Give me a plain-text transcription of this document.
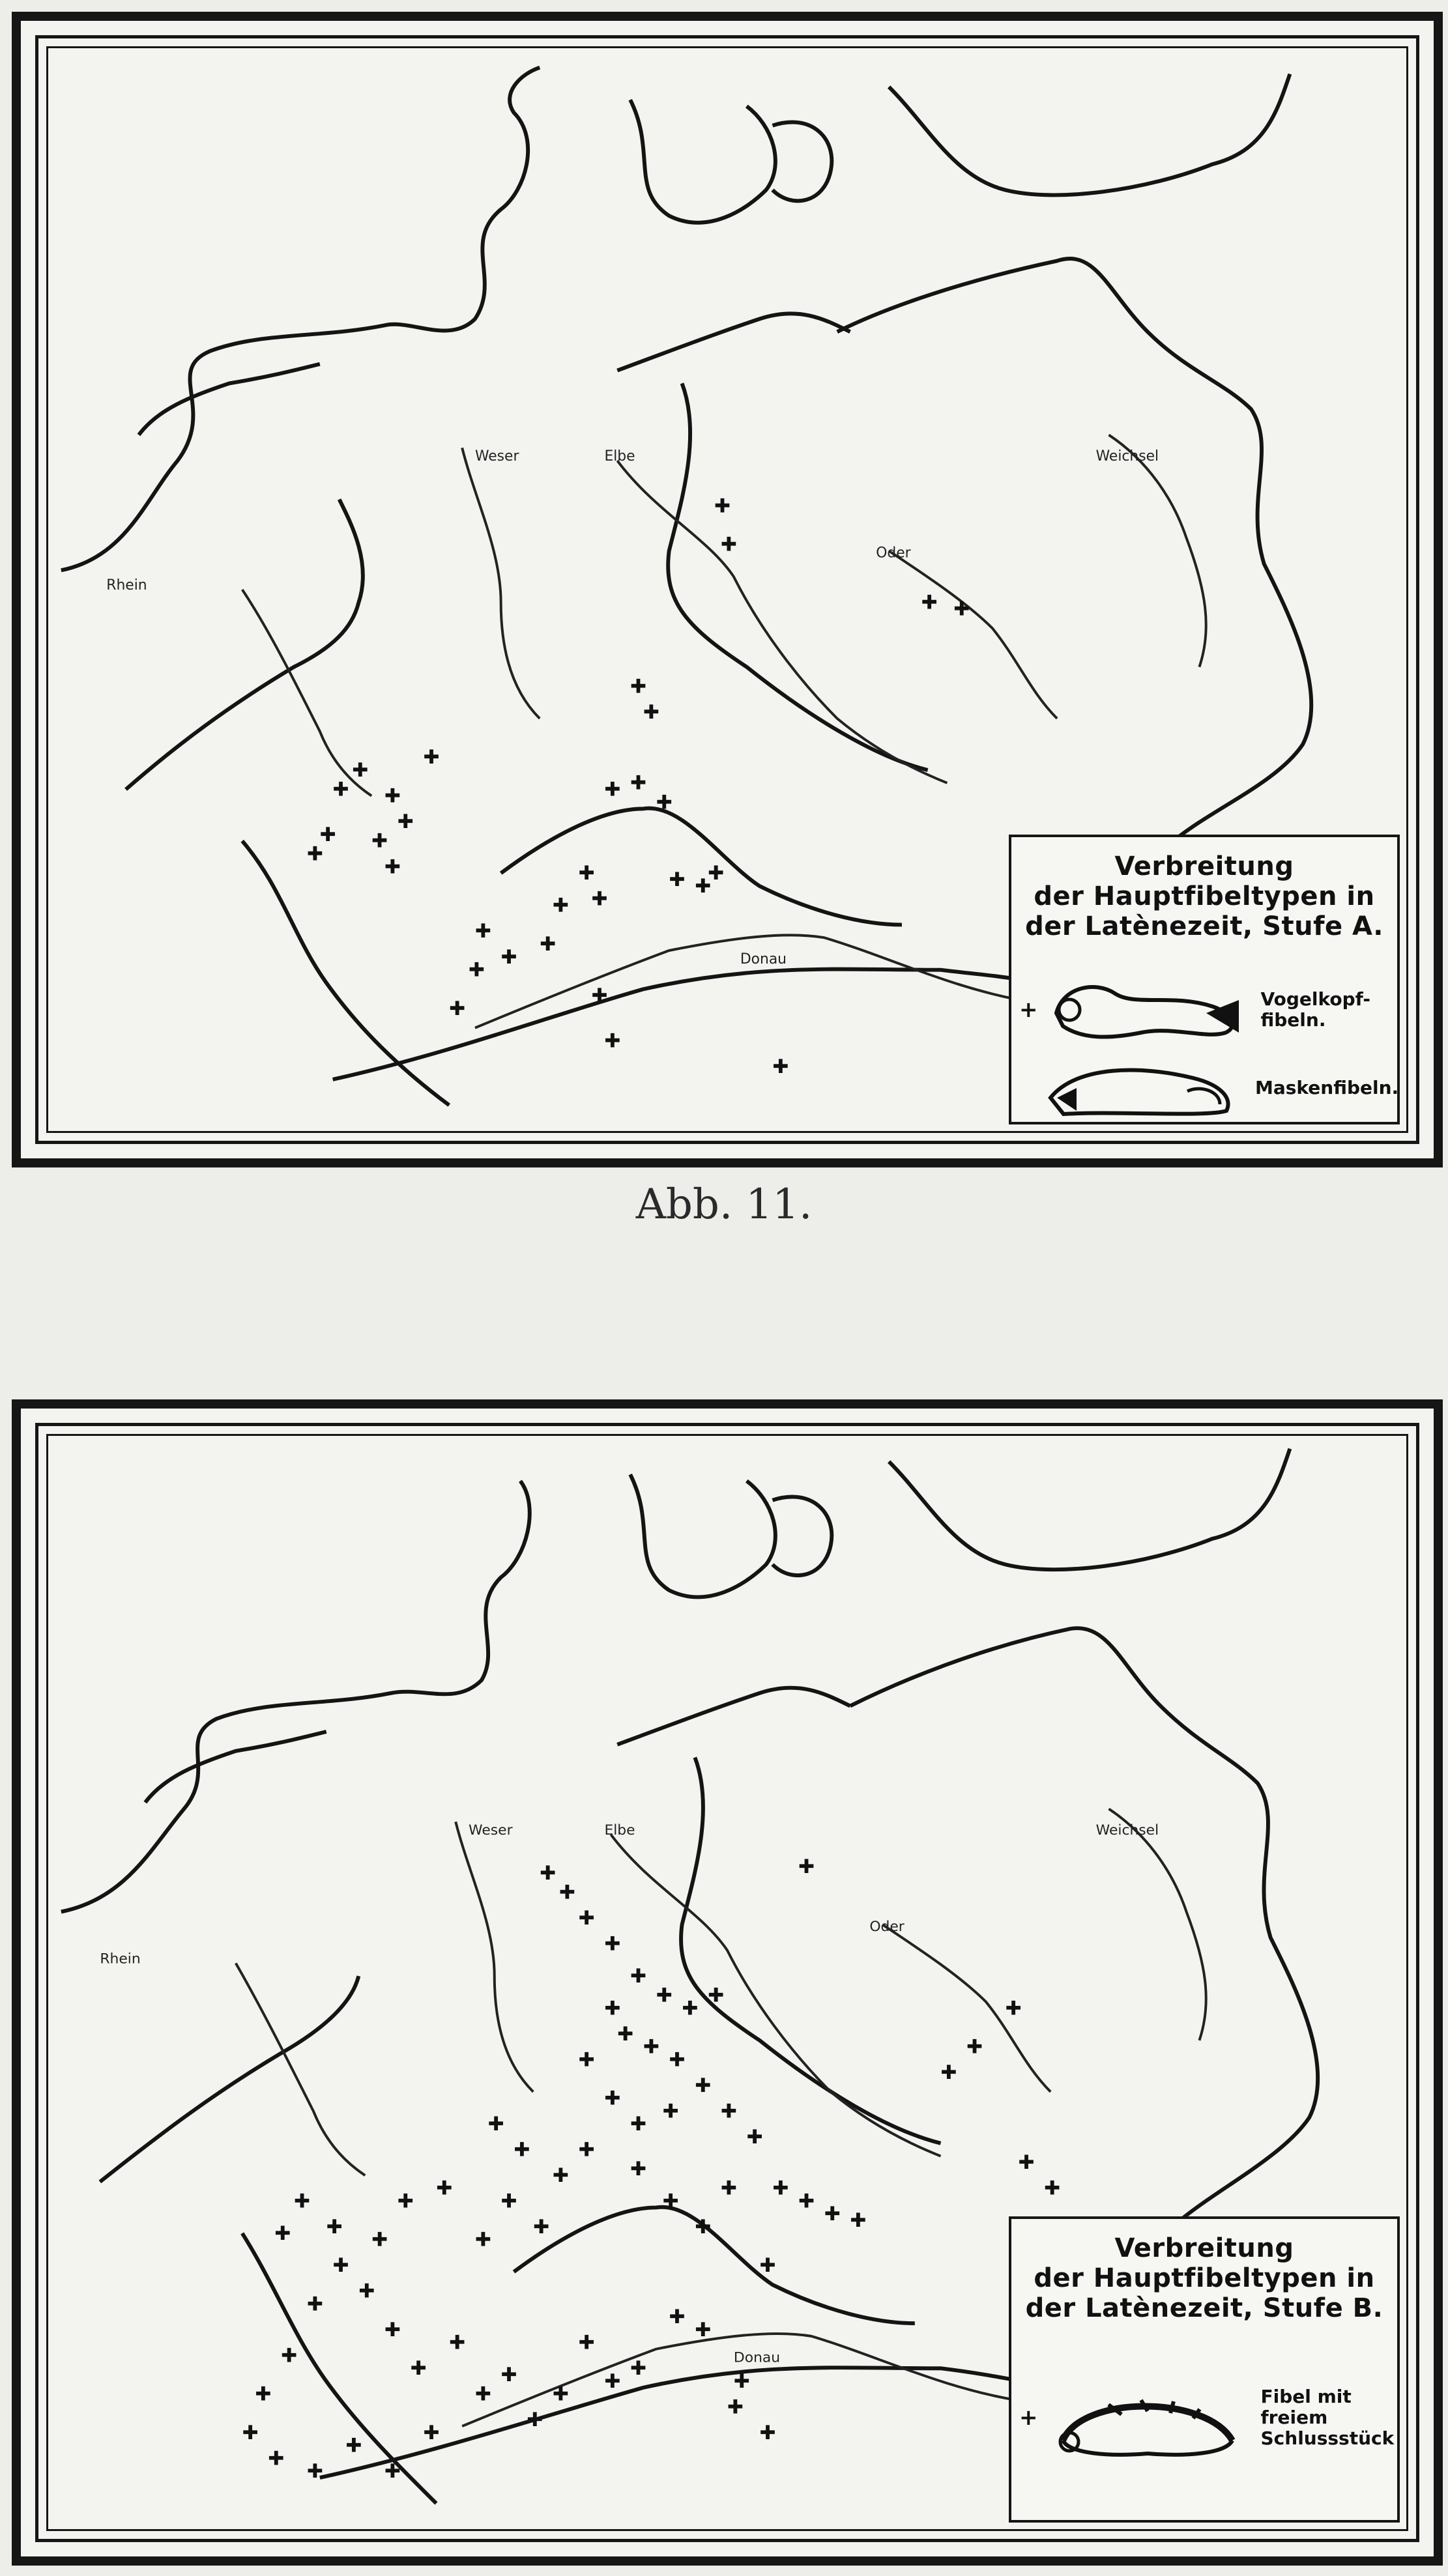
Weser	Elbe
Oder
Weichsel
Rhein
Donau
✚
✚
✚
✚
✚ ✚
✚
✚ ✚
✚
✚
✚
✚
✚
✚
✚ ✚
✚
✚
✚ ✚
✚
✚
✚
✚
✚ ✚
✚
✚
✚
✚
✚
Verbreitung
der Hauptfibeltypen in
der Latènezeit, Stufe A.
+	Vogelkopf-
fibeln.
Maskenfibeln.
Abb. 11.
Weser	Elbe
Oder
Weichsel
Rhein
Donau
✚
✚
✚
✚
✚
✚
✚
✚
✚
✚
✚
✚
✚
✚
✚
✚
✚
✚
✚
✚
✚
✚ ✚
✚
✚
✚
✚
✚
✚
✚
✚
✚
✚
✚
✚
✚
✚
✚
✚
✚
✚
✚
✚
✚
✚
✚
✚
✚
✚
✚
✚
✚
✚
✚
✚
✚
✚
✚
✚
✚
✚
✚
✚
✚
✚
✚
✚
✚
✚
✚
✚
✚
✚
Verbreitung
der Hauptfibeltypen in
der Latènezeit, Stufe B.
+
Fibel mit freiem Schlussstück
